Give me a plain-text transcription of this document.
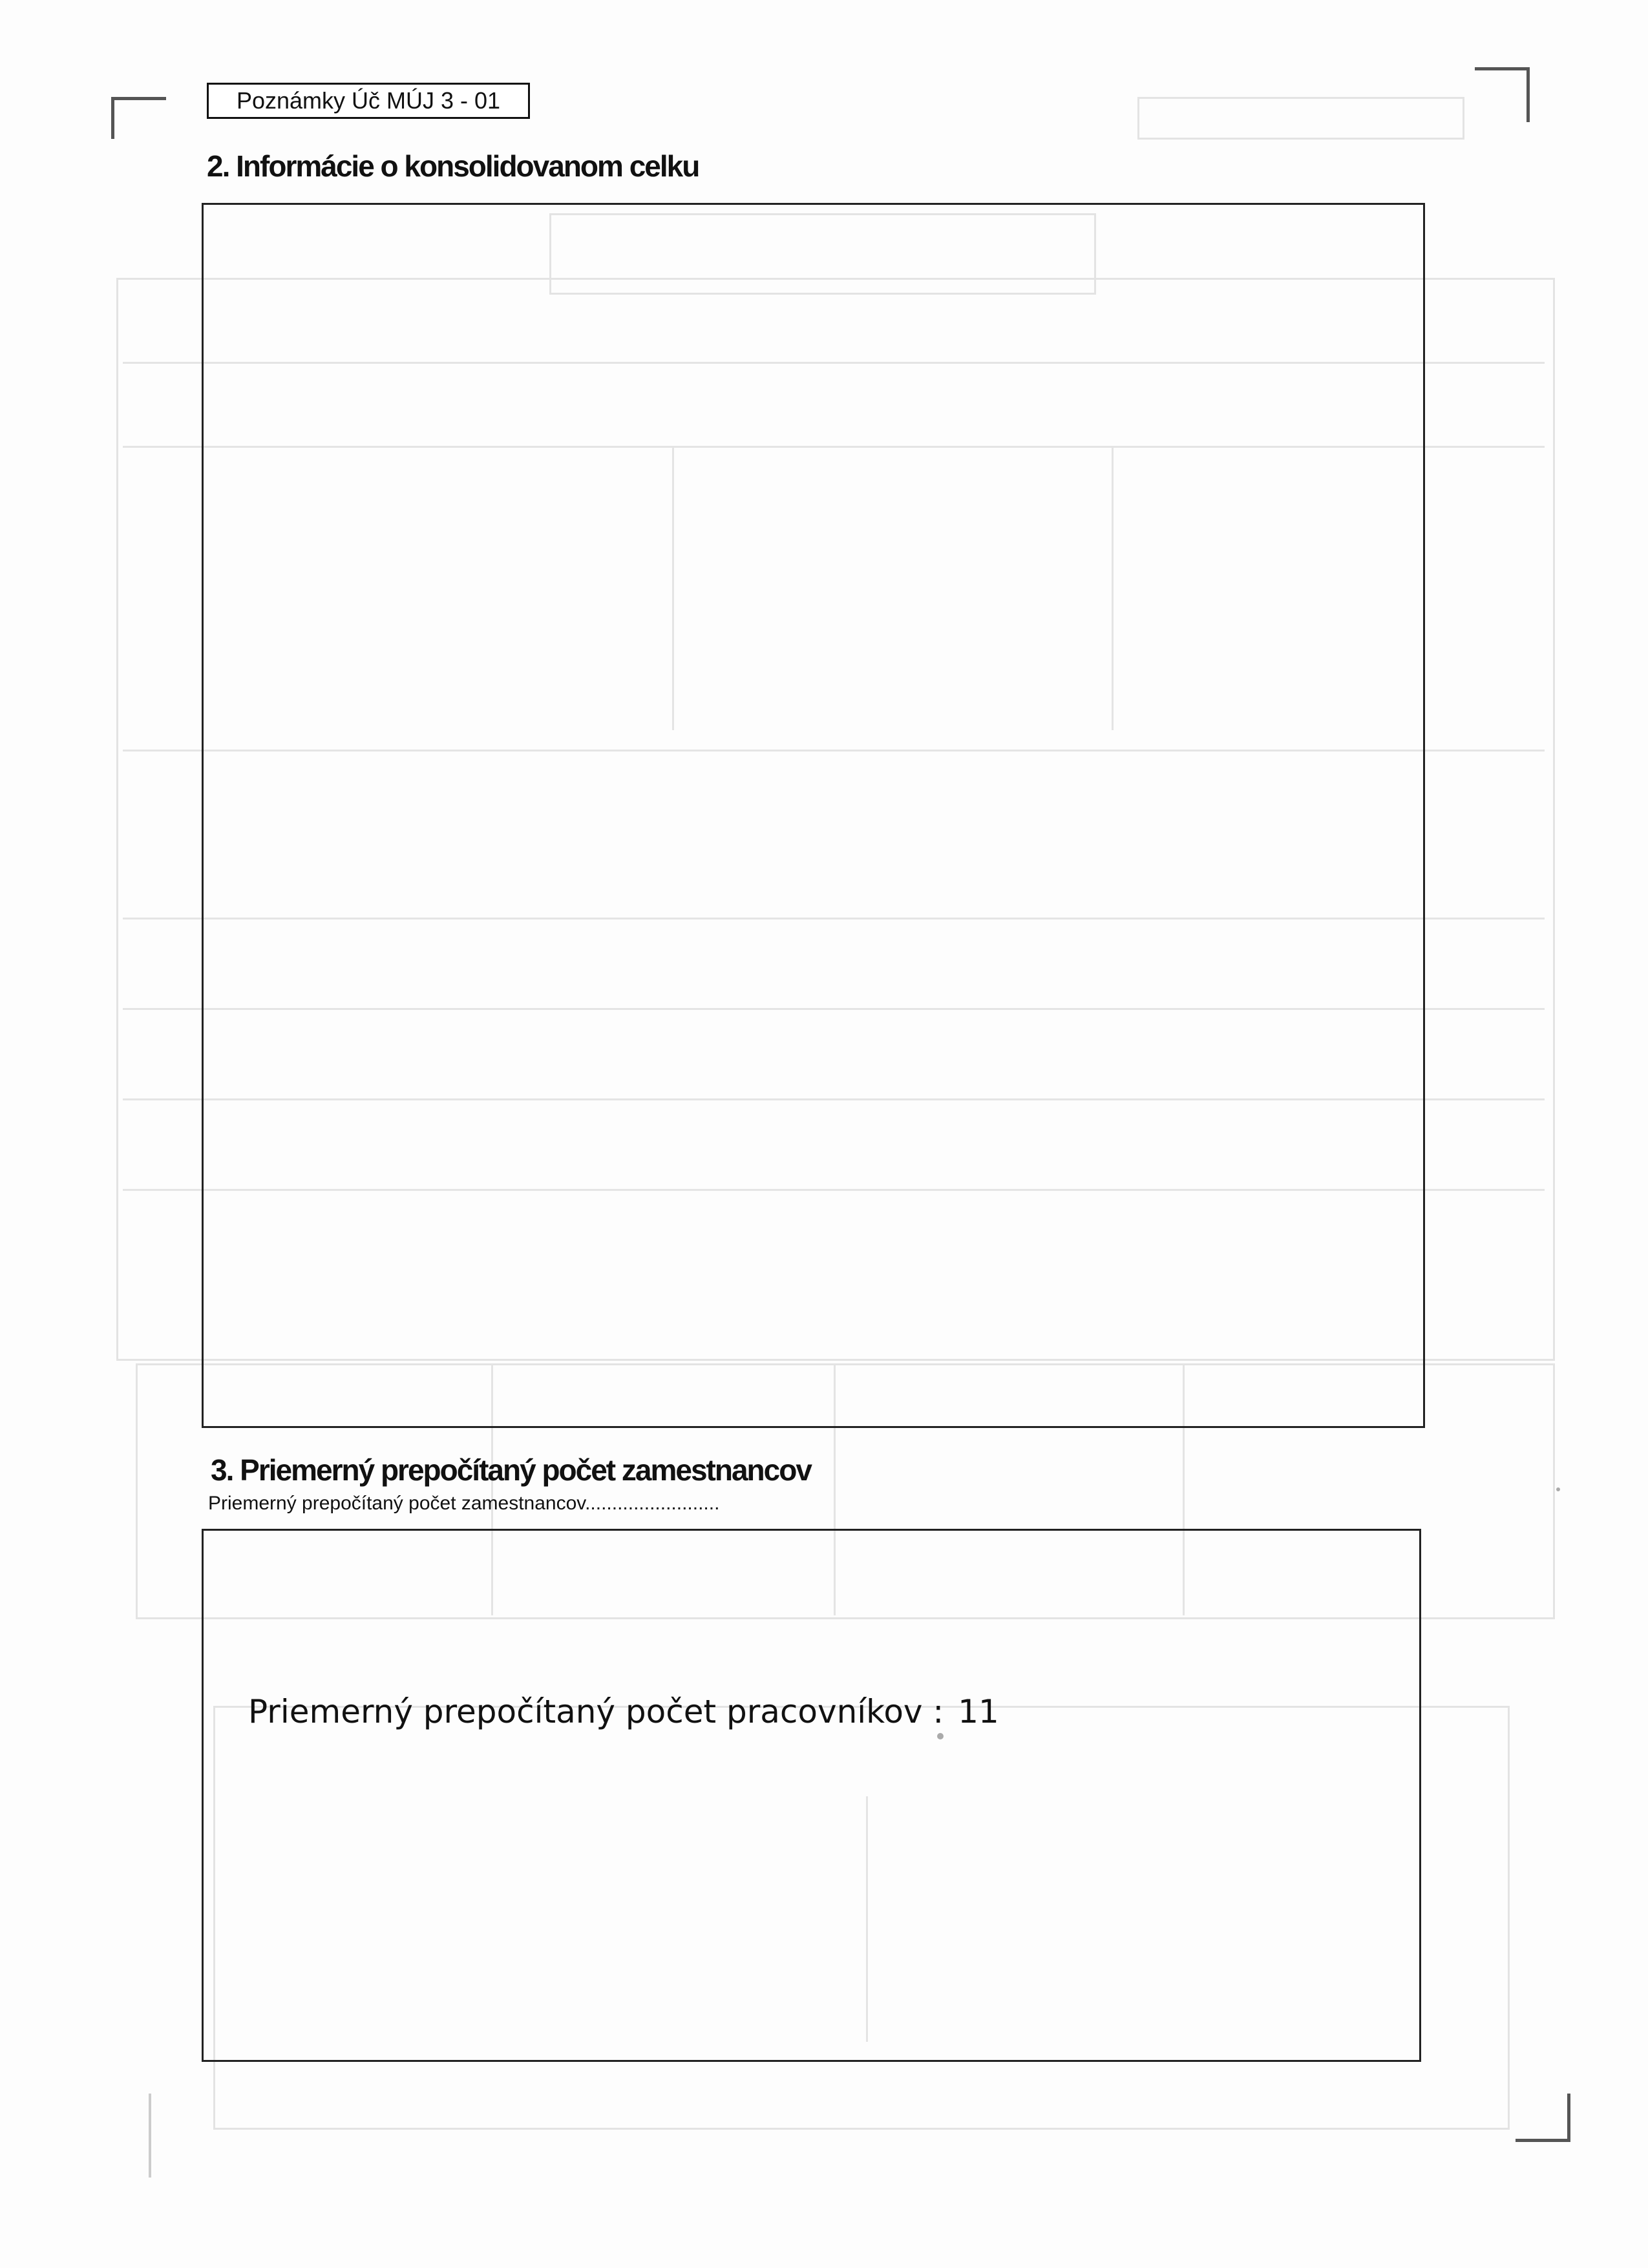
Poznámky Úč MÚJ 3 - 01
2. Informácie o konsolidovanom celku
3. Priemerný prepočítaný počet zamestnancov
Priemerný prepočítaný počet zamestnancov.........................
Priemerný prepočítaný počet pracovníkov : 11
